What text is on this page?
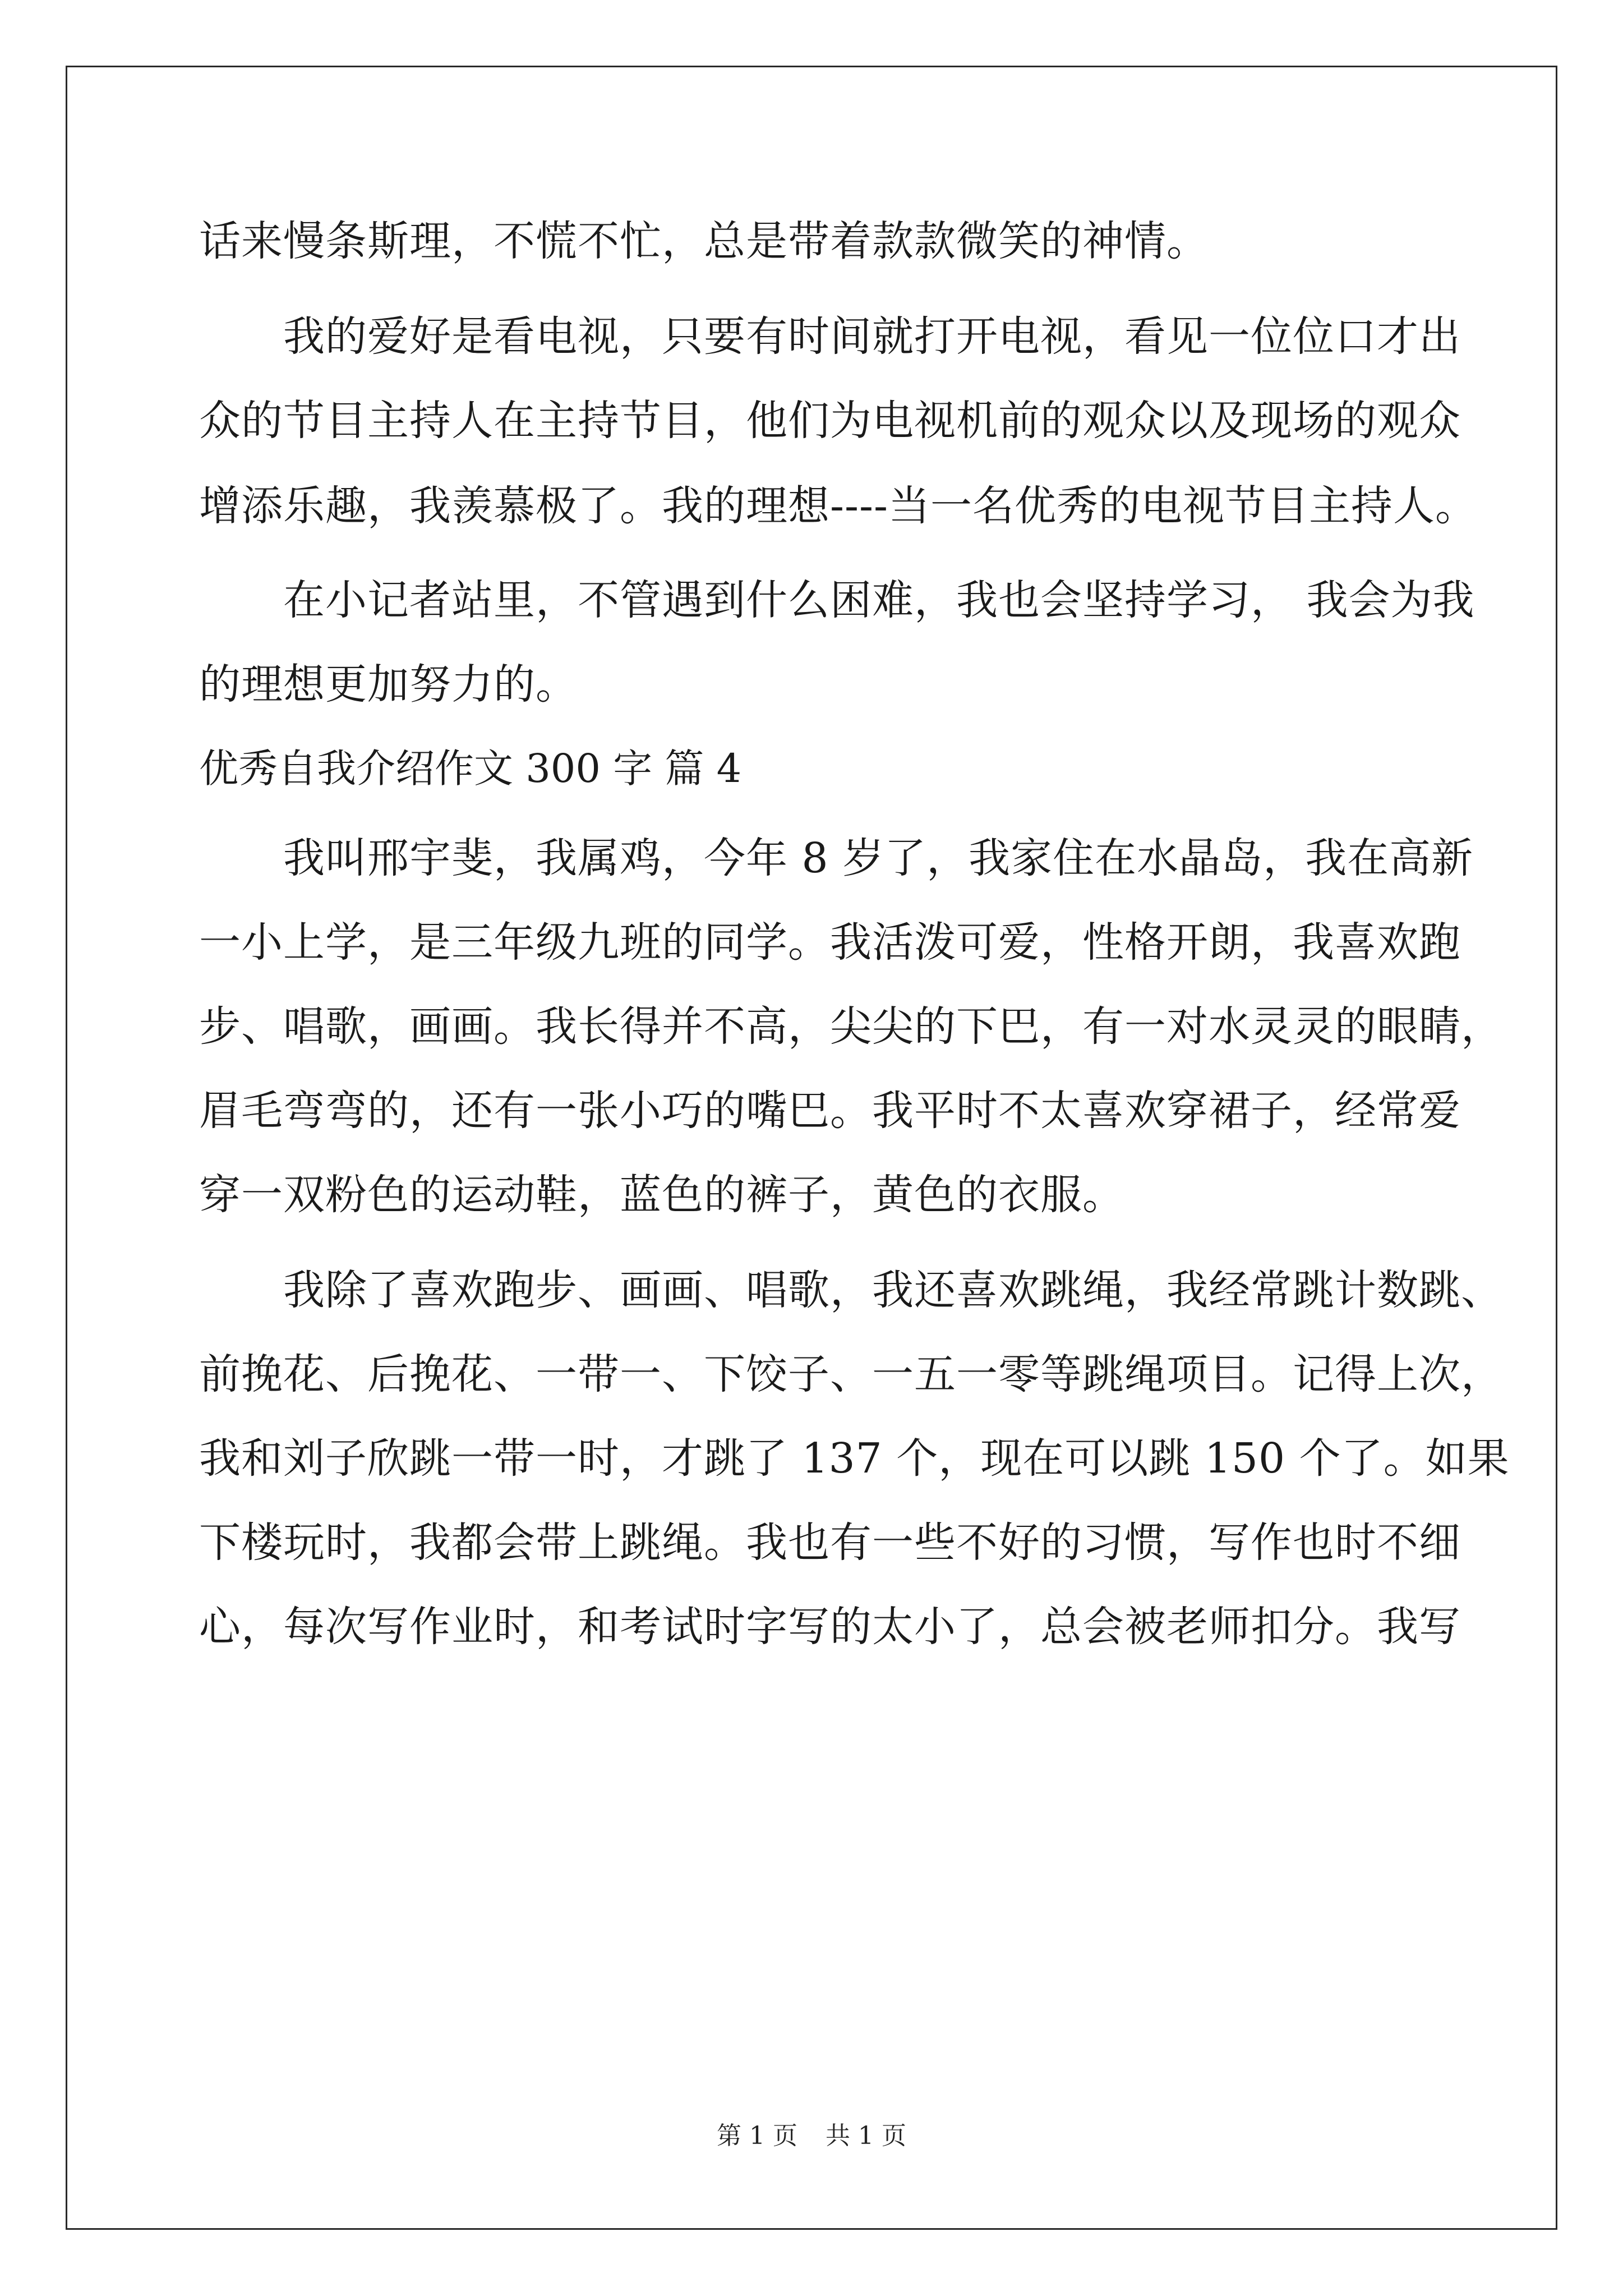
话来慢条斯理，不慌不忙，总是带着款款微笑的神情。
我的爱好是看电视，只要有时间就打开电视，看见一位位口才出
众的节目主持人在主持节目，他们为电视机前的观众以及现场的观众
增添乐趣，我羡慕极了。我的理想----当一名优秀的电视节目主持人。
在小记者站里，不管遇到什么困难，我也会坚持学习， 我会为我
的理想更加努力的。
优秀自我介绍作文 300 字 篇 4
我叫邢宇斐，我属鸡，今年 8 岁了，我家住在水晶岛，我在高新
一小上学，是三年级九班的同学。我活泼可爱，性格开朗，我喜欢跑
步、唱歌，画画。我长得并不高，尖尖的下巴，有一对水灵灵的眼睛，
眉毛弯弯的，还有一张小巧的嘴巴。我平时不太喜欢穿裙子，经常爱
穿一双粉色的运动鞋，蓝色的裤子，黄色的衣服。
我除了喜欢跑步、画画、唱歌，我还喜欢跳绳，我经常跳计数跳、
前挽花、后挽花、一带一、下饺子、一五一零等跳绳项目。记得上次，
我和刘子欣跳一带一时，才跳了 137 个，现在可以跳 150 个了。如果
下楼玩时，我都会带上跳绳。我也有一些不好的习惯，写作也时不细
心，每次写作业时，和考试时字写的太小了，总会被老师扣分。我写
第 1 页 共 1 页
